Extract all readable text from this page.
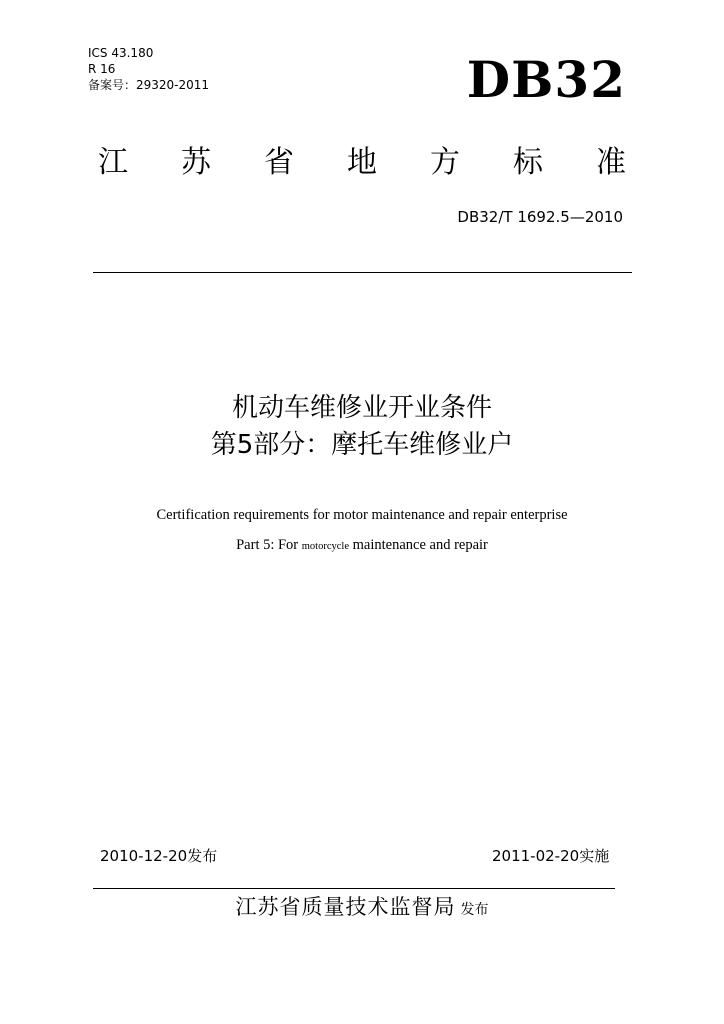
ICS 43.180
R 16
备案号：29320-2011	DB32
江 苏 省 地 方 标 准
DB32/T 1692.5—2010
机动车维修业开业条件
第5部分：摩托车维修业户
Certification requirements for motor maintenance and repair enterprise
Part 5: For motorcycle maintenance and repair
2010-12-20发布	2011-02-20实施
江苏省质量技术监督局 发布
